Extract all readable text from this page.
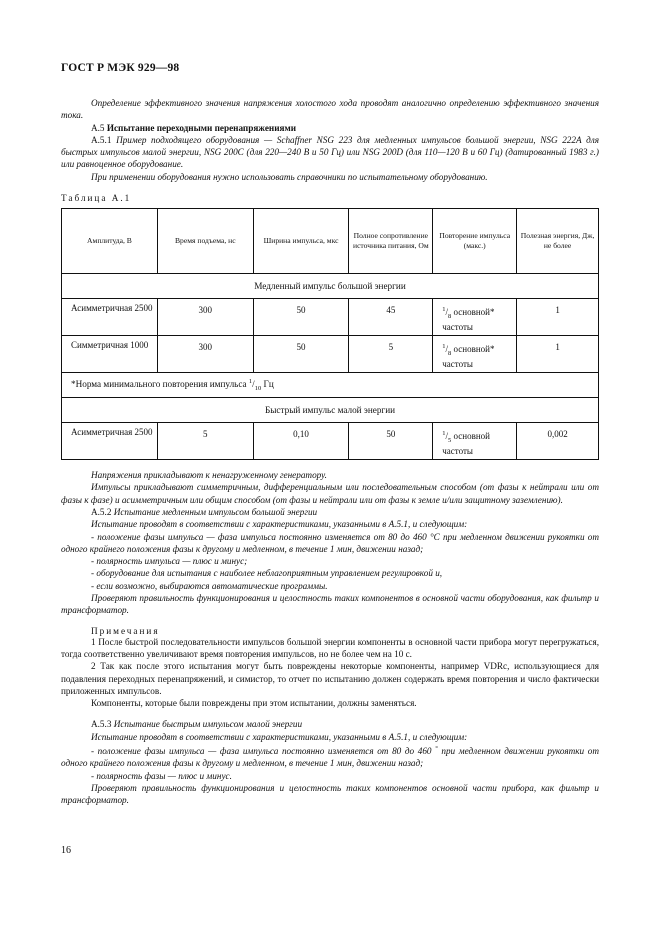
ГОСТ Р МЭК 929—98

Определение эффективного значения напряжения холостого хода проводят аналогично определению эффективного значения тока.

А.5 Испытание переходными перенапряжениями

А.5.1 Пример подходящего оборудования — Schaffner NSG 223 для медленных импульсов большой энергии, NSG 222A для быстрых импульсов малой энергии, NSG 200C (для 220—240 В и 50 Гц) или NSG 200D (для 110—120 В и 60 Гц) (датированный 1983 г.) или равноценное оборудование.

При применении оборудования нужно использовать справочники по испытательному оборудованию.

Таблица А.1
Амплитуда, В	Время подъема, нс	Ширина импульса, мкс	Полное сопротивление источника питания, Ом	Повторение импульса (макс.)	Полезная энергия, Дж, не более
Медленный импульс большой энергии					
Асимметричная 2500	300	50	45	$^1/_8$ основной* частоты	1
Симметричная 1000	300	50	5	$^1/_8$ основной* частоты	1
*Норма минимального повторения импульса $^1/_{10}$ Гц					
Быстрый импульс малой энергии					
Асимметричная 2500	5	0,10	50	$^1/_5$ основной частоты	0,002

Напряжения прикладывают к ненагруженному генератору.

Импульсы прикладывают симметричным, дифференциальным или последовательным способом (от фазы к нейтрали или от фазы к фазе) и асимметричным или общим способом (от фазы и нейтрали или от фазы к земле и/или защитному заземлению).

А.5.2 Испытание медленным импульсом большой энергии

Испытание проводят в соответствии с характеристиками, указанными в А.5.1, и следующим:

- положение фазы импульса — фаза импульса постоянно изменяется от 80 до 460 °С при медленном движении рукоятки от одного крайнего положения фазы к другому и медленном, в течение 1 мин, движении назад;

- полярность импульса — плюс и минус;

- оборудование для испытания с наиболее неблагоприятным управлением регулировкой и,

- если возможно, выбираются автоматические программы.

Проверяют правильность функционирования и целостность таких компонентов в основной части оборудования, как фильтр и трансформатор.

Примечания

1 После быстрой последовательности импульсов большой энергии компоненты в основной части прибора могут перегружаться, тогда соответственно увеличивают время повторения импульсов, но не более чем на 10 с.

2 Так как после этого испытания могут быть повреждены некоторые компоненты, например VDRc, использующиеся для подавления переходных перенапряжений, и симистор, то отчет по испытанию должен содержать время повторения и число фактически приложенных импульсов.

Компоненты, которые были повреждены при этом испытании, должны заменяться.

А.5.3 Испытание быстрым импульсом малой энергии

Испытание проводят в соответствии с характеристиками, указанными в А.5.1, и следующим:

- положение фазы импульса — фаза импульса постоянно изменяется от 80 до 460 ° при медленном движении рукоятки от одного крайнего положения фазы к другому и медленном, в течение 1 мин, движении назад;

- полярность фазы — плюс и минус.

Проверяют правильность функционирования и целостность таких компонентов основной части прибора, как фильтр и трансформатор.

16
